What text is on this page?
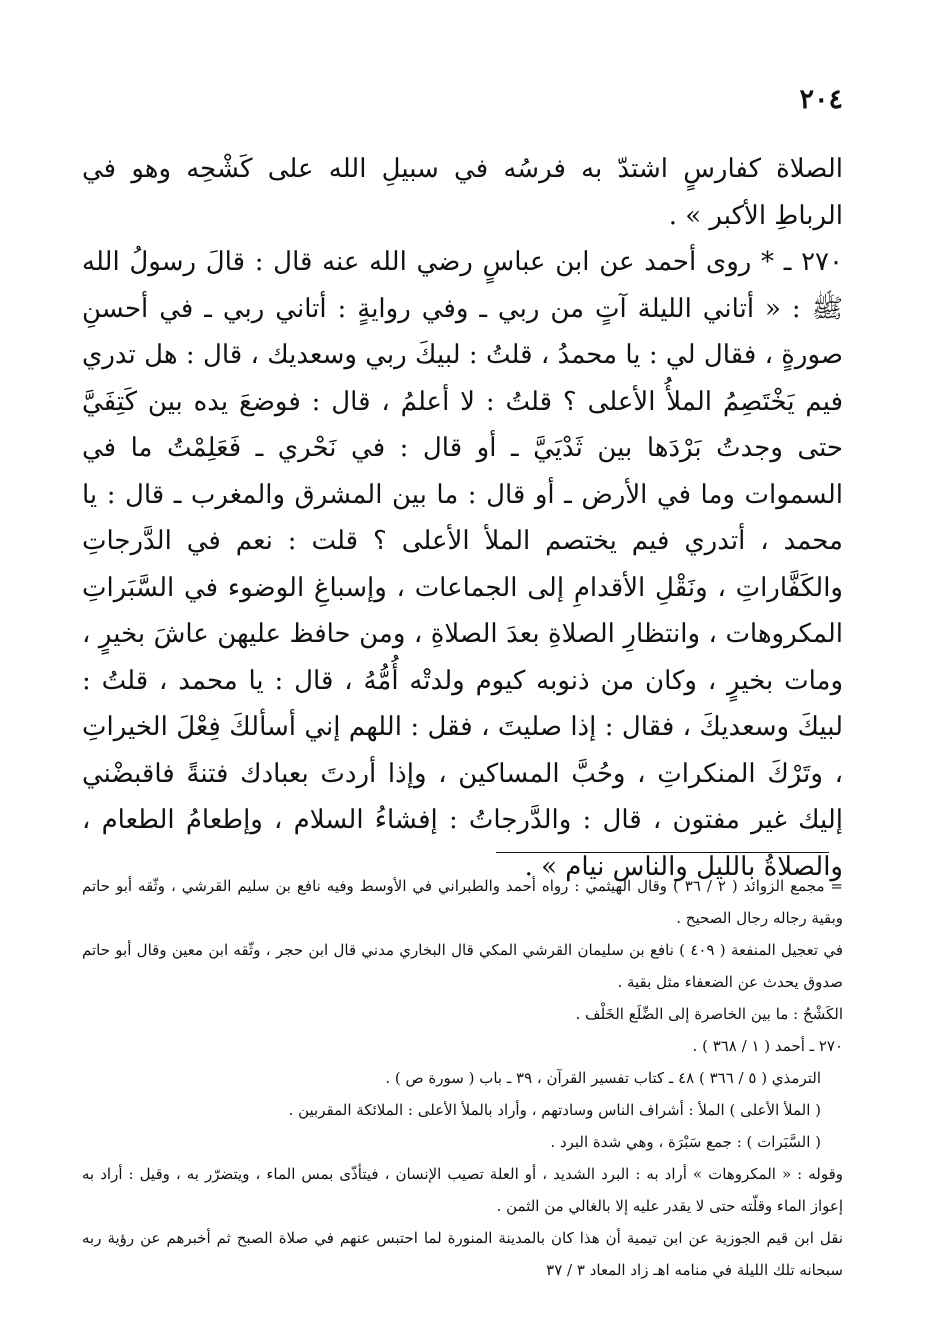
٢٠٤

الصلاة كفارسٍ اشتدّ به فرسُه في سبيلِ الله على كَشْحِه وهو في الرباطِ الأكبر » .

٢٧٠ ـ * روى أحمد عن ابن عباسٍ رضي الله عنه قال : قالَ رسولُ الله ﷺ : « أتاني الليلة آتٍ من ربي ـ وفي روايةٍ : أتاني ربي ـ في أحسنِ صورةٍ ، فقال لي : يا محمدُ ، قلتُ : لبيكَ ربي وسعديك ، قال : هل تدري فيم يَخْتَصِمُ الملأُ الأعلى ؟ قلتُ : لا أعلمُ ، قال : فوضعَ يده بين كَتِفَيَّ حتى وجدتُ بَرْدَها بين ثَدْيَيَّ ـ أو قال : في نَحْري ـ فَعَلِمْتُ ما في السموات وما في الأرض ـ أو قال : ما بين المشرق والمغرب ـ قال : يا محمد ، أتدري فيم يختصم الملأ الأعلى ؟ قلت : نعم في الدَّرجاتِ والكَفَّاراتِ ، ونَقْلِ الأقدامِ إلى الجماعات ، وإسباغِ الوضوء في السَّبَراتِ المكروهات ، وانتظارِ الصلاةِ بعدَ الصلاةِ ، ومن حافظ عليهن عاشَ بخيرٍ ، ومات بخيرٍ ، وكان من ذنوبه كيوم ولدتْه أُمُّهُ ، قال : يا محمد ، قلتُ : لبيكَ وسعديكَ ، فقال : إذا صليتَ ، فقل : اللهم إني أسألكَ فِعْلَ الخيراتِ ، وتَرْكَ المنكراتِ ، وحُبَّ المساكين ، وإذا أردتَ بعبادك فتنةً فاقبضْني إليك غير مفتون ، قال : والدَّرجاتُ : إفشاءُ السلام ، وإطعامُ الطعام ، والصلاةُ بالليل والناس نيام » .

= مجمع الزوائد ( ٢ / ٣٦ ) وقال الهيثمي : رواه أحمد والطبراني في الأوسط وفيه نافع بن سليم القرشي ، وثّقه أبو حاتم وبقية رجاله رجال الصحيح .

في تعجيل المنفعة ( ٤٠٩ ) نافع بن سليمان القرشي المكي قال البخاري مدني قال ابن حجر ، وثّقه ابن معين وقال أبو حاتم صدوق يحدث عن الضعفاء مثل بقية .

الكَشْحُ : ما بين الخاصرة إلى الضِّلَع الخَلْف .

٢٧٠ ـ أحمد ( ١ / ٣٦٨ ) .

الترمذي ( ٥ / ٣٦٦ ) ٤٨ ـ كتاب تفسير القرآن ، ٣٩ ـ باب ( سورة ص ) .

( الملأ الأعلى ) الملأ : أشراف الناس وسادتهم ، وأراد بالملأ الأعلى : الملائكة المقربين .

( السَّبَرات ) : جمع سَبْرَة ، وهي شدة البرد .

وقوله : « المكروهات » أراد به : البرد الشديد ، أو العلة تصيب الإنسان ، فيتأذّى بمس الماء ، ويتضرّر به ، وقيل : أراد به إعواز الماء وقلّته حتى لا يقدر عليه إلا بالغالي من الثمن .

نقل ابن قيم الجوزية عن ابن تيمية أن هذا كان بالمدينة المنورة لما احتبس عنهم في صلاة الصبح ثم أخبرهم عن رؤية ربه سبحانه تلك الليلة في منامه اهـ زاد المعاد ٣ / ٣٧
